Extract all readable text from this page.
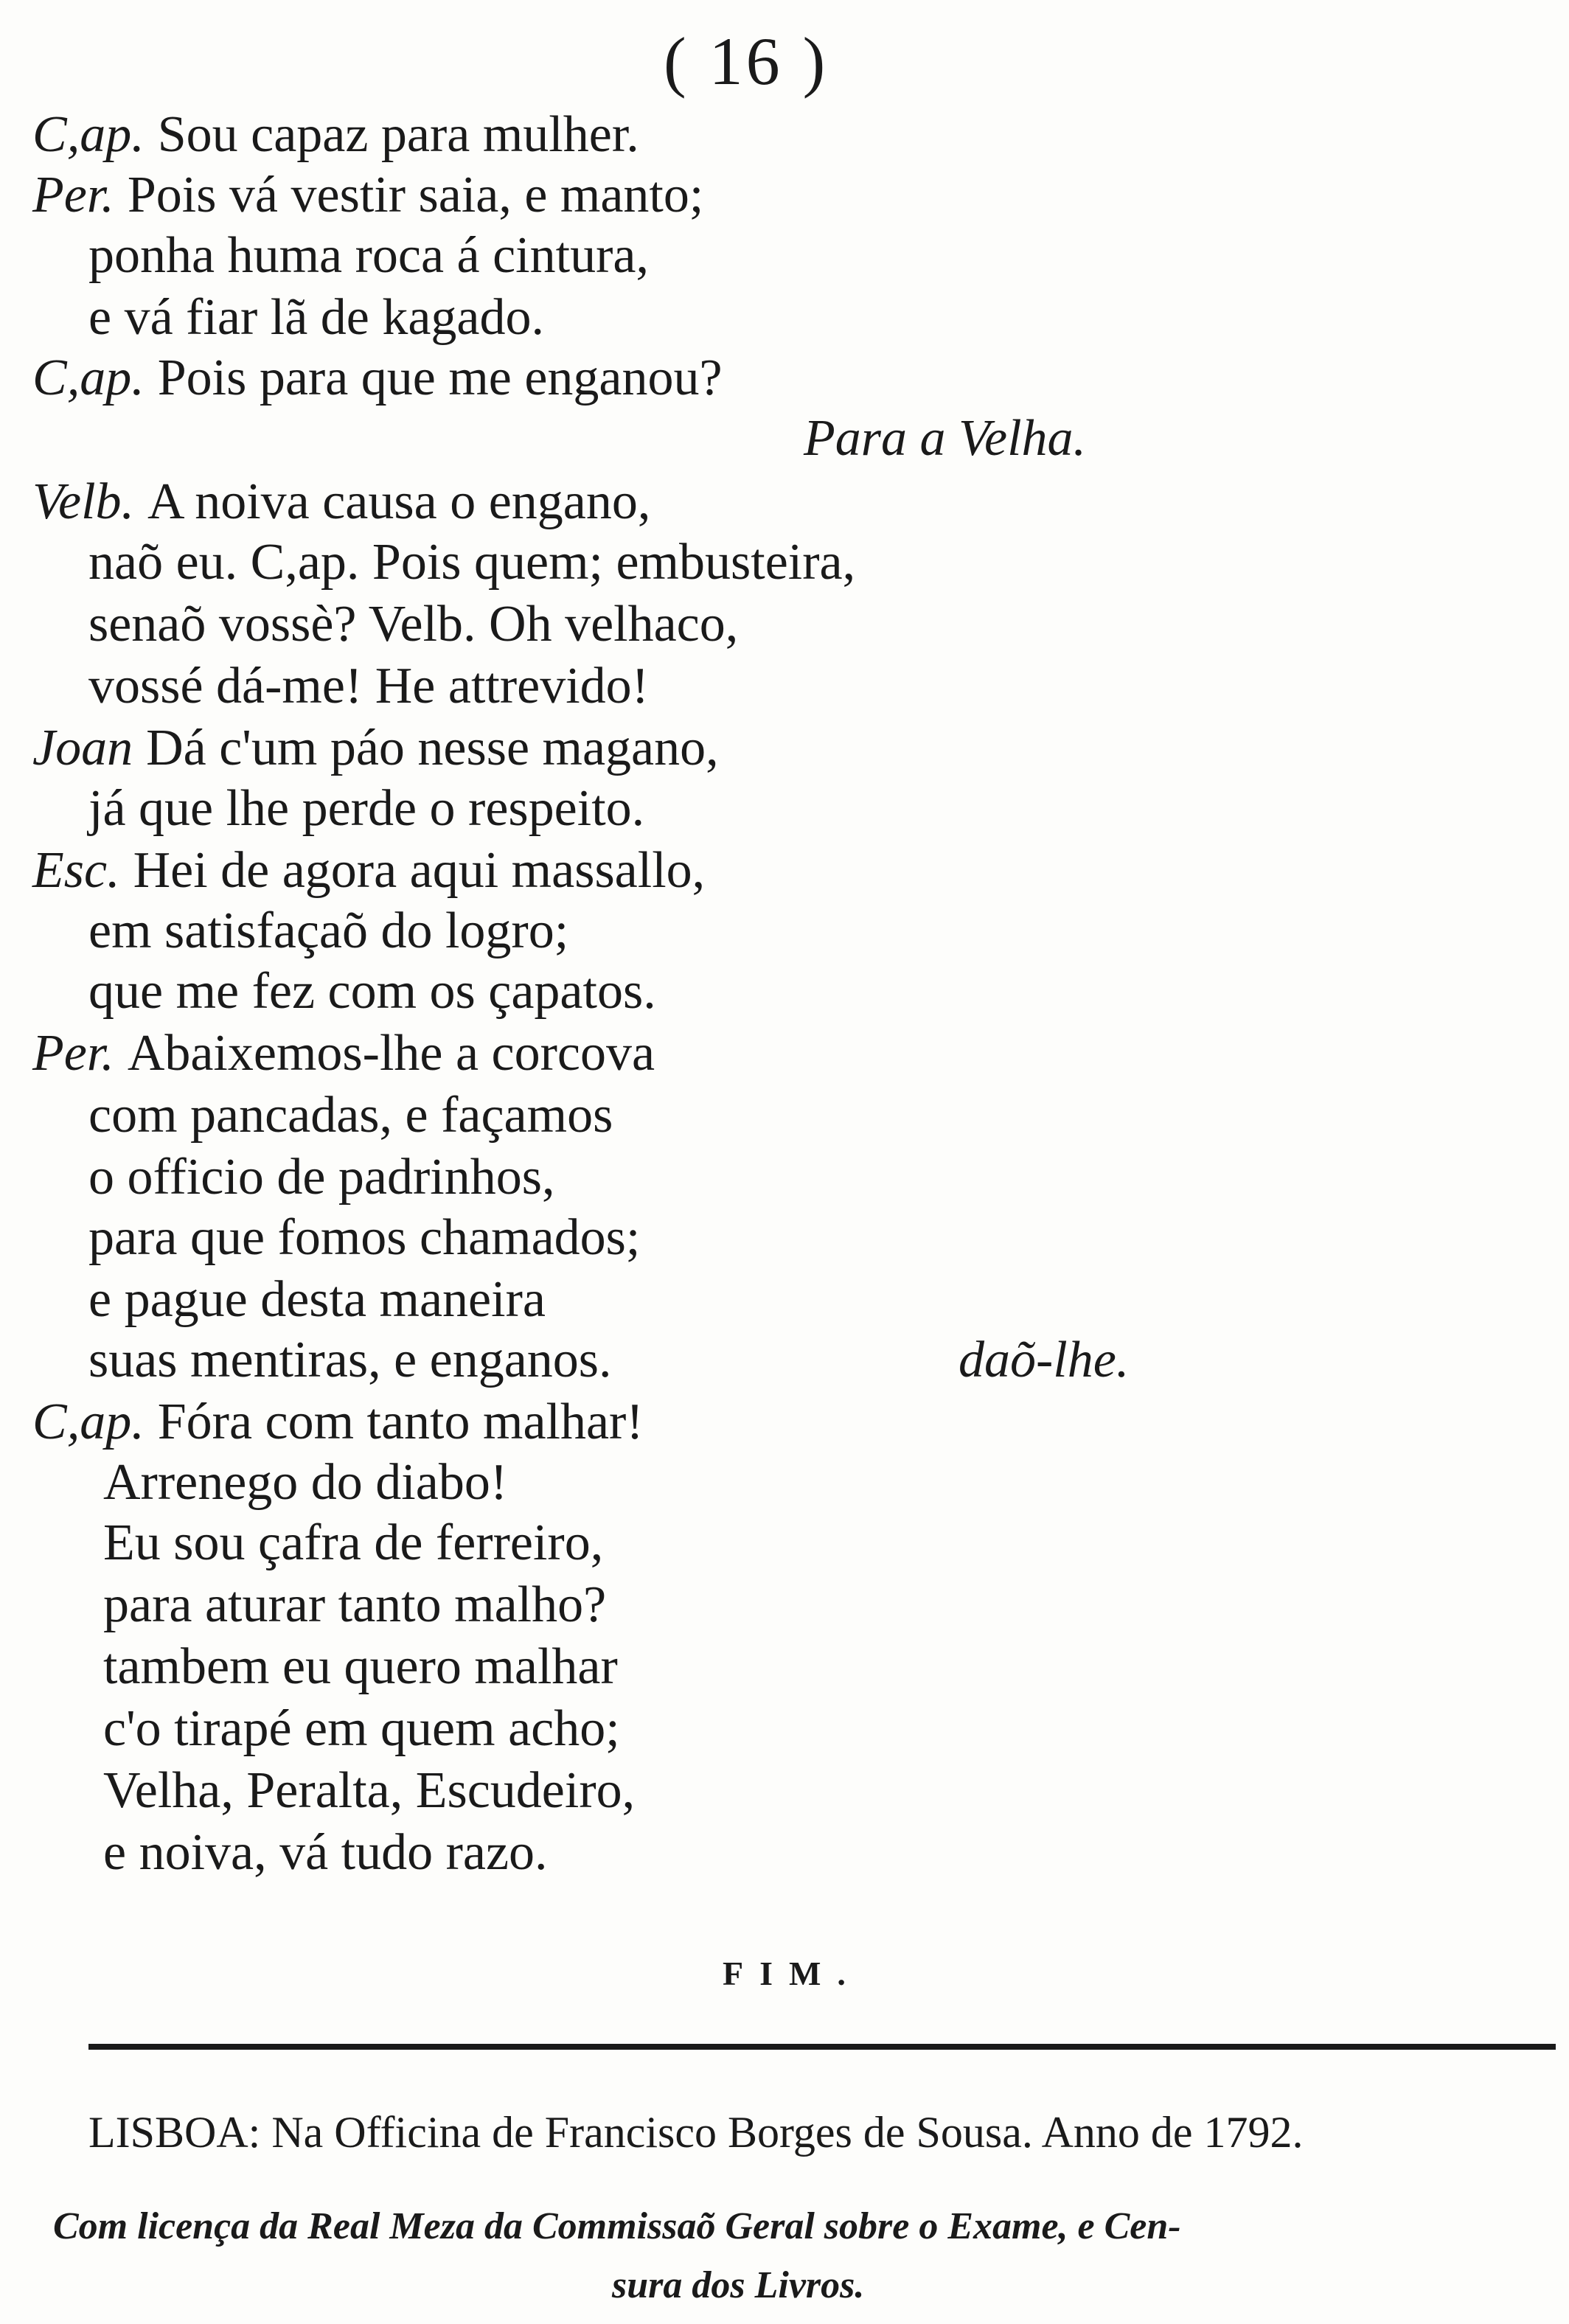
( 16 )
C,ap. Sou capaz para mulher.
Per. Pois vá vestir saia, e manto;
ponha huma roca á cintura,
e vá fiar lã de kagado.
C,ap. Pois para que me enganou?
Para a Velha.
Velb. A noiva causa o engano,
naõ eu. C,ap. Pois quem; embusteira,
senaõ vossè? Velb. Oh velhaco,
vossé dá-me! He attrevido!
Joan Dá c'um páo nesse magano,
já que lhe perde o respeito.
Esc. Hei de agora aqui massallo,
em satisfaçaõ do logro;
que me fez com os çapatos.
Per. Abaixemos-lhe a corcova
com pancadas, e façamos
o officio de padrinhos,
para que fomos chamados;
e pague desta maneira
suas mentiras, e enganos.	daõ-lhe.
C,ap. Fóra com tanto malhar!
Arrenego do diabo!
Eu sou çafra de ferreiro,
para aturar tanto malho?
tambem eu quero malhar
c'o tirapé em quem acho;
Velha, Peralta, Escudeiro,
e noiva, vá tudo razo.
FIM.
LISBOA: Na Officina de Francisco Borges de Sousa. Anno de 1792.
Com licença da Real Meza da Commissaõ Geral sobre o Exame, e Cen-
sura dos Livros.
